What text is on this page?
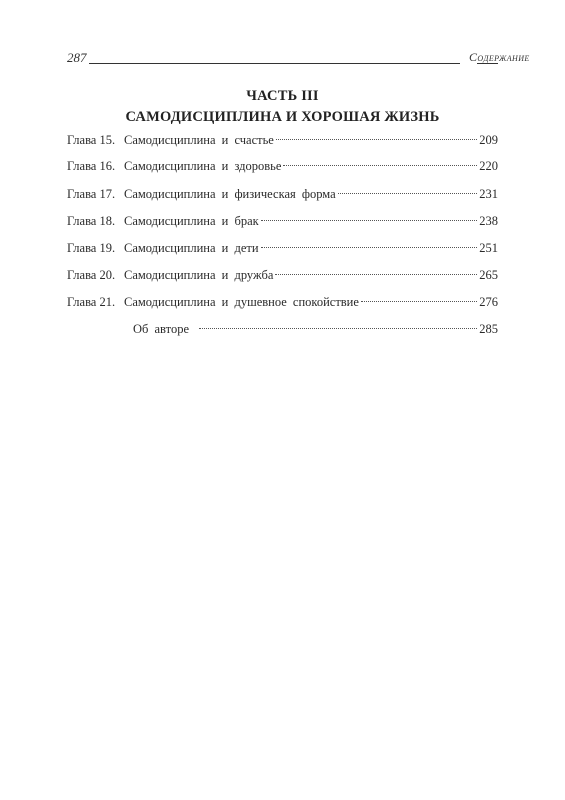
287	Содержание
ЧАСТЬ III
САМОДИСЦИПЛИНА И ХОРОШАЯ ЖИЗНЬ
Глава 15. Самодисциплина и счастье	209
Глава 16. Самодисциплина и здоровье	220
Глава 17. Самодисциплина и физическая форма	231
Глава 18. Самодисциплина и брак	238
Глава 19. Самодисциплина и дети	251
Глава 20. Самодисциплина и дружба	265
Глава 21. Самодисциплина и душевное спокойствие	276
Об авторе	285
